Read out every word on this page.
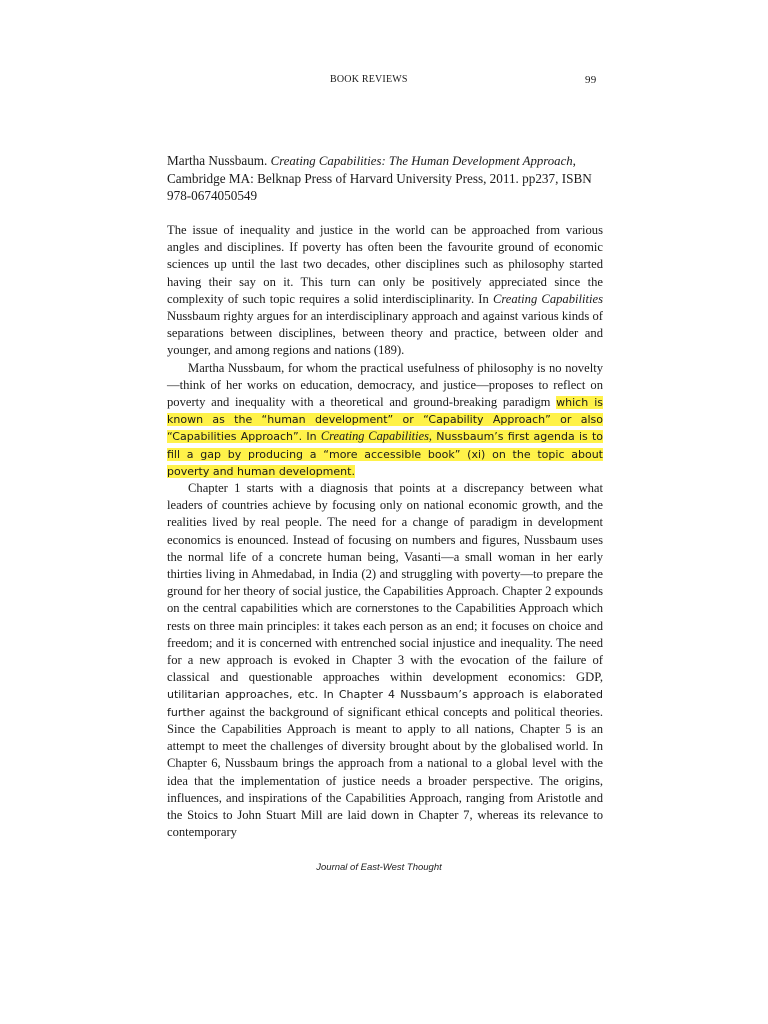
BOOK REVIEWS	99
Martha Nussbaum. Creating Capabilities: The Human Development Approach, Cambridge MA: Belknap Press of Harvard University Press, 2011. pp237, ISBN 978-0674050549

The issue of inequality and justice in the world can be approached from various angles and disciplines. If poverty has often been the favourite ground of economic sciences up until the last two decades, other disciplines such as philosophy started having their say on it. This turn can only be positively appreciated since the complexity of such topic requires a solid interdisciplinarity. In Creating Capabilities Nussbaum righty argues for an interdisciplinary approach and against various kinds of separations between disciplines, between theory and practice, between older and younger, and among regions and nations (189).

Martha Nussbaum, for whom the practical usefulness of philosophy is no novelty—think of her works on education, democracy, and justice—proposes to reflect on poverty and inequality with a theoretical and ground-breaking paradigm which is known as the “human development” or “Capability Approach” or also “Capabilities Approach”. In Creating Capabilities, Nussbaum’s first agenda is to fill a gap by producing a “more accessible book” (xi) on the topic about poverty and human development.

Chapter 1 starts with a diagnosis that points at a discrepancy between what leaders of countries achieve by focusing only on national economic growth, and the realities lived by real people. The need for a change of paradigm in development economics is enounced. Instead of focusing on numbers and figures, Nussbaum uses the normal life of a concrete human being, Vasanti—a small woman in her early thirties living in Ahmedabad, in India (2) and struggling with poverty—to prepare the ground for her theory of social justice, the Capabilities Approach. Chapter 2 expounds on the central capabilities which are cornerstones to the Capabilities Approach which rests on three main principles: it takes each person as an end; it focuses on choice and freedom; and it is concerned with entrenched social injustice and inequality. The need for a new approach is evoked in Chapter 3 with the evocation of the failure of classical and questionable approaches within development economics: GDP, utilitarian approaches, etc. In Chapter 4 Nussbaum’s approach is elaborated further against the background of significant ethical concepts and political theories. Since the Capabilities Approach is meant to apply to all nations, Chapter 5 is an attempt to meet the challenges of diversity brought about by the globalised world. In Chapter 6, Nussbaum brings the approach from a national to a global level with the idea that the implementation of justice needs a broader perspective. The origins, influences, and inspirations of the Capabilities Approach, ranging from Aristotle and the Stoics to John Stuart Mill are laid down in Chapter 7, whereas its relevance to contemporary

Journal of East-West Thought
